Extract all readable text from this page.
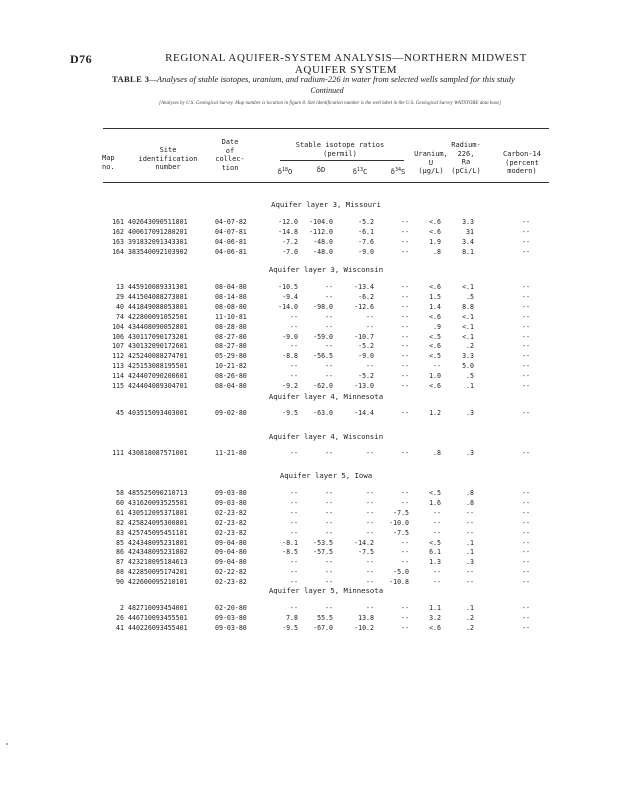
D76	REGIONAL AQUIFER-SYSTEM ANALYSIS—NORTHERN MIDWEST AQUIFER SYSTEM
TABLE 3—Analyses of stable isotopes, uranium, and radium-226 in water from selected wells sampled for this study
Continued
[Analyses by U.S. Geological Survey. Map number is location in figure 8. Site identification number is the well label in the U.S. Geological Survey WATSTORE data base]
Map
no.
Site
identification
number
Date
of
collec-
tion
Stable isotope ratios
(permil)
$\delta^{18}O$	δD	$\delta^{13}C$	$\delta^{34}S$
Uranium,
U
(µg/L)
Radium-
226,
Ra
(pCi/L)
Carbon-14
(percent
modern)
Aquifer layer 3, Missouri
161 402643090511801	04-07-82	-12.0	-104.0	-5.2	--	<.6	3.3	--
162 400617091280201	04-07-81	-14.8	-112.0	-6.1	--	<.6	31	--
163 391832091343301	04-06-81	-7.2	-48.0	-7.6	--	1.9	3.4	--
164 383540092103902	04-06-81	-7.0	-48.0	-9.0	--	.8	8.1	--
Aquifer layer 3, Wisconsin
13 445910089331301	08-04-80	-10.5	--	-13.4	--	<.6	<.1	--
29 441504088273801	08-14-80	-9.4	--	-6.2	--	1.5	.5	--
40 441849088053801	08-08-80	-14.0	-98.0	-12.6	--	1.4	8.8	--
74 422800091052501	11-10-81	--	--	--	--	<.6	<.1	--
104 434408090052801	08-28-80	--	--	--	--	.9	<.1	--
106 430117090173201	08-27-80	-9.0	-59.0	-10.7	--	<.5	<.1	--
107 430132090172601	08-27-80	--	--	-5.2	--	<.6	.2	--
112 425240088274701	05-29-80	-8.8	-56.5	-9.0	--	<.5	3.3	--
113 425153088195501	10-21-82	--	--	--	--	--	5.0	--
114 424407090200601	08-26-80	--	--	-5.2	--	1.0	.5	--
115 424404089304701	08-04-80	-9.2	-62.0	-13.0	--	<.6	.1	--
Aquifer layer 4, Minnesota
45 403515093403001	09-02-80	-9.5	-63.0	-14.4	--	1.2	.3	--
Aquifer layer 4, Wisconsin
111 430818087571001	11-21-80	--	--	--	--	.8	.3	--
Aquifer layer 5, Iowa
58 485525090210713	09-03-80	--	--	--	--	<.5	.8	--
60 431620093525501	09-03-80	--	--	--	--	1.6	.8	--
61 430512095371801	02-23-82	--	--	--	-7.5	--	--	--
82 425824095300801	02-23-82	--	--	--	-10.0	--	--	--
83 425745095451101	02-23-82	--	--	--	-7.5	--	--	--
85 424348095231801	09-04-80	-8.1	-53.5	-14.2	--	<.5	.1	--
86 424348095231802	09-04-80	-8.5	-57.5	-7.5	--	6.1	.1	--
87 423218095184613	09-04-80	--	--	--	--	1.3	.3	--
88 422850095174201	02-22-82	--	--	--	-5.0	--	--	--
90 422600095210101	02-23-82	--	--	--	-10.8	--	--	--
Aquifer layer 5, Minnesota
2 482710093454001	02-20-80	--	--	--	--	1.1	.1	--
26 446710093455501	09-03-80	7.8	55.5	13.8	--	3.2	.2	--
41 440226093455401	09-03-80	-9.5	-67.0	-10.2	--	<.6	.2	--
